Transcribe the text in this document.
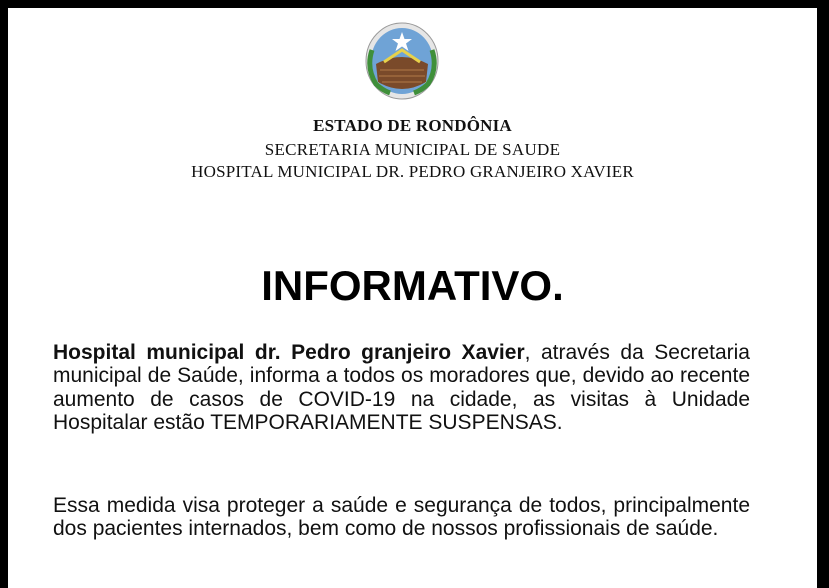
ESTADO DE RONDÔNIA
SECRETARIA MUNICIPAL DE SAUDE
HOSPITAL MUNICIPAL DR. PEDRO GRANJEIRO XAVIER
INFORMATIVO.

Hospital municipal dr. Pedro granjeiro Xavier, através da Secretaria municipal de Saúde, informa a todos os moradores que, devido ao recente aumento de casos de COVID-19 na cidade, as visitas à Unidade Hospitalar estão TEMPORARIAMENTE SUSPENSAS.

Essa medida visa proteger a saúde e segurança de todos, principalmente dos pacientes internados, bem como de nossos profissionais de saúde.
